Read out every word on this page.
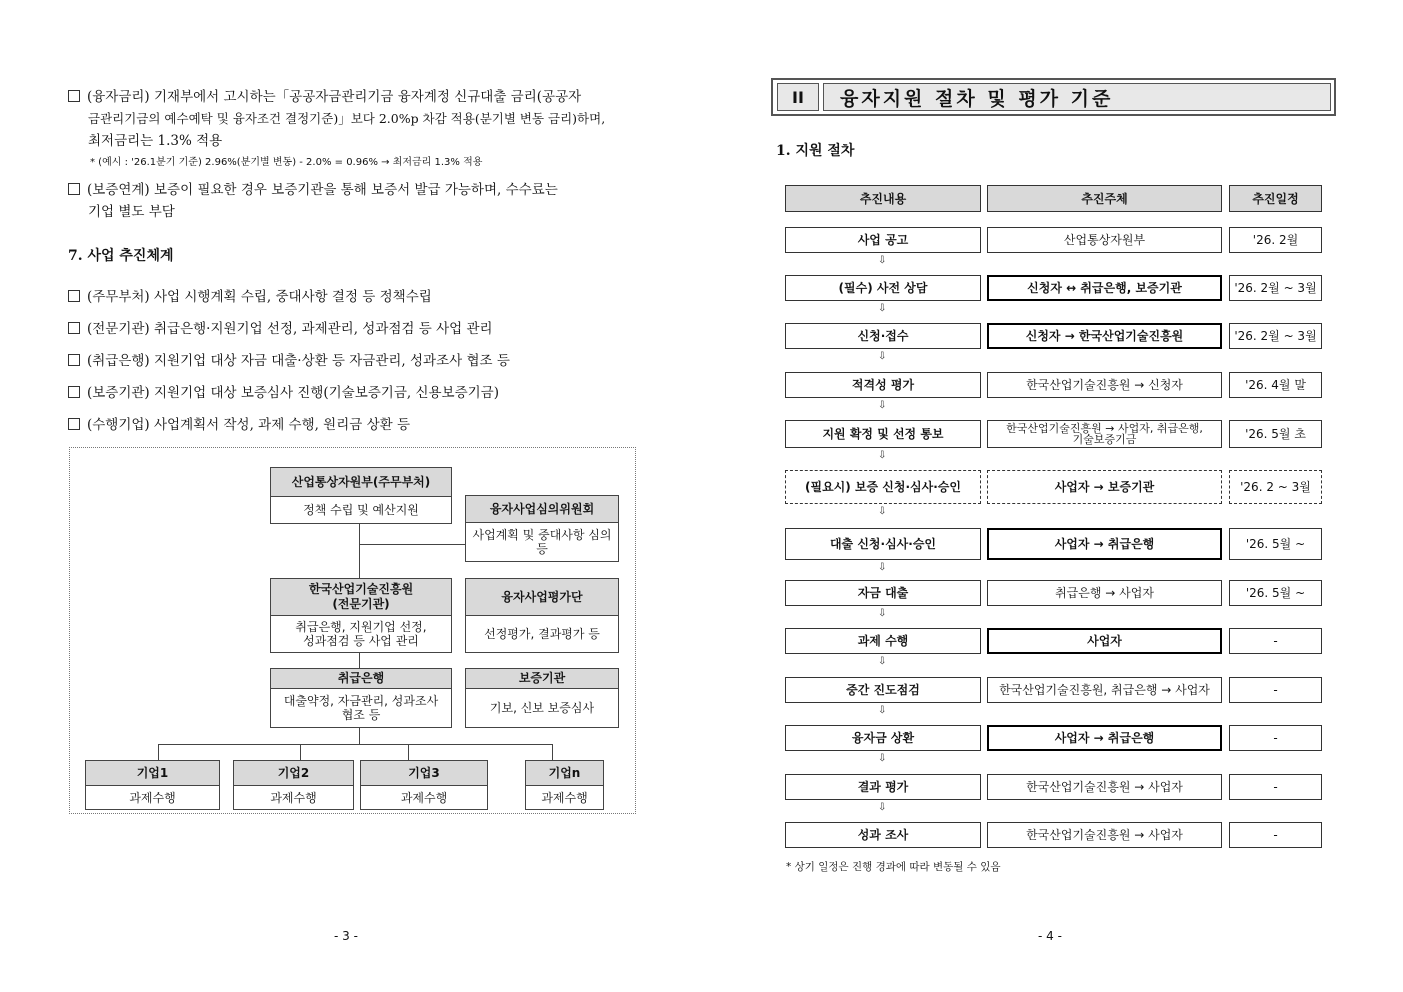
(융자금리) 기재부에서 고시하는「공공자금관리기금 융자계정 신규대출 금리(공공자
금관리기금의 예수예탁 및 융자조건 결정기준)」보다 2.0%p 차감 적용(분기별 변동 금리)하며,
최저금리는 1.3% 적용
* (예시 : '26.1분기 기준) 2.96%(분기별 변동) - 2.0% = 0.96% → 최저금리 1.3% 적용
(보증연계) 보증이 필요한 경우 보증기관을 통해 보증서 발급 가능하며, 수수료는
기업 별도 부담
7. 사업 추진체계
(주무부처) 사업 시행계획 수립, 중대사항 결정 등 정책수립
(전문기관) 취급은행·지원기업 선정, 과제관리, 성과점검 등 사업 관리
(취급은행) 지원기업 대상 자금 대출·상환 등 자금관리, 성과조사 협조 등
(보증기관) 지원기업 대상 보증심사 진행(기술보증기금, 신용보증기금)
(수행기업) 사업계획서 작성, 과제 수행, 원리금 상환 등
산업통상자원부(주무부처)
정책 수립 및 예산지원	융자사업심의위원회
사업계획 및 중대사항 심의 등
한국산업기술진흥원
(전문기관)
취급은행, 지원기업 선정,
성과점검 등 사업 관리
융자사업평가단
선정평가, 결과평가 등
취급은행
대출약정, 자금관리, 성과조사
협조 등
보증기관
기보, 신보 보증심사
기업1
과제수행
기업2
과제수행
기업3
과제수행
기업n
과제수행
- 3 -
II	융자지원 절차 및 평가 기준
1. 지원 절차
추진내용	추진주체	추진일정
사업 공고	산업통상자원부	'26. 2월
⇩
(필수) 사전 상담	신청자 ↔ 취급은행, 보증기관	'26. 2월 ~ 3월
⇩
신청·접수	신청자 → 한국산업기술진흥원	'26. 2월 ~ 3월
⇩
적격성 평가	한국산업기술진흥원 → 신청자	'26. 4월 말
⇩
지원 확정 및 선정 통보	한국산업기술진흥원 → 사업자, 취급은행,
기술보증기금	'26. 5월 초
⇩
(필요시) 보증 신청·심사·승인	사업자 → 보증기관	'26. 2 ~ 3월
⇩
대출 신청·심사·승인	사업자 → 취급은행	'26. 5월 ~
⇩
자금 대출	취급은행 → 사업자	'26. 5월 ~
⇩
과제 수행	사업자	-
⇩
중간 진도점검	한국산업기술진흥원, 취급은행 → 사업자	-
⇩
융자금 상환	사업자 → 취급은행	-
⇩
결과 평가	한국산업기술진흥원 → 사업자	-
⇩
성과 조사	한국산업기술진흥원 → 사업자	-
* 상기 일정은 진행 경과에 따라 변동될 수 있음
- 4 -
